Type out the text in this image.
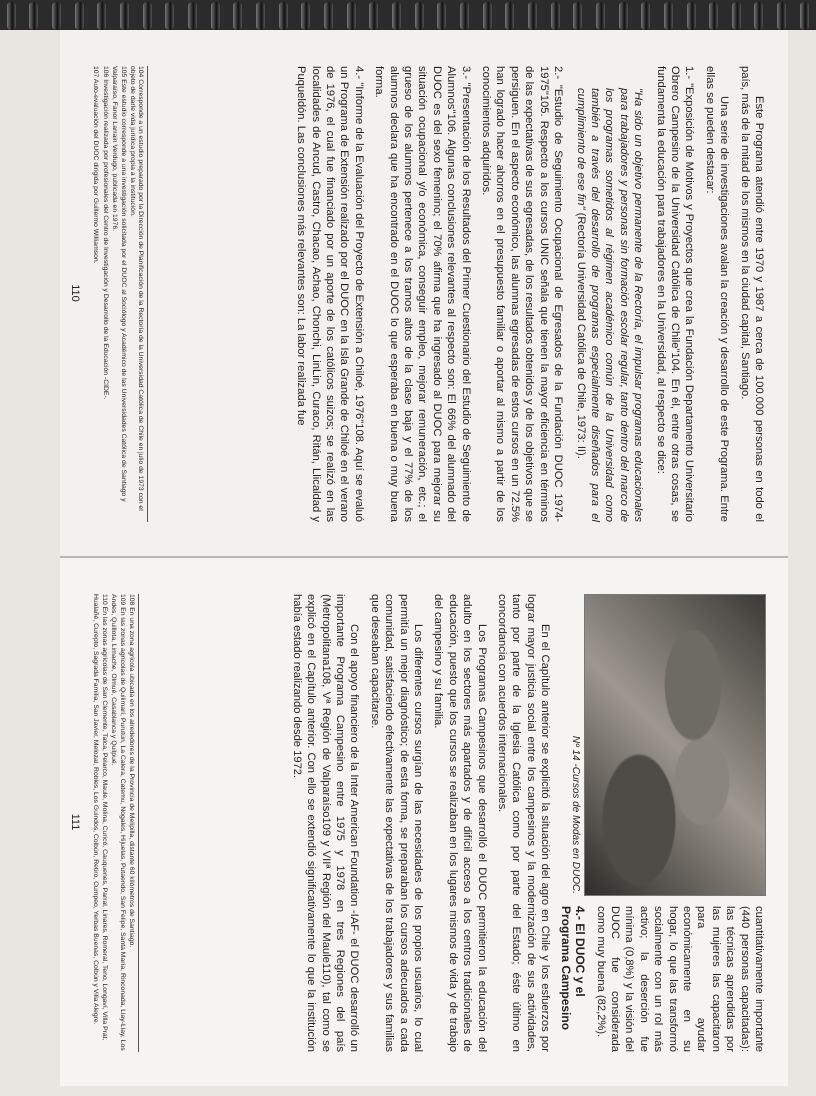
Este Programa atendió entre 1970 y 1987 a cerca de 100.000 personas en todo el país, más de la mitad de los mismos en la ciudad capital, Santiago.

Una serie de investigaciones avalan la creación y desarrollo de este Programa. Entre ellas se pueden destacar:

1.- "Exposición de Motivos y Proyectos que crea la Fundación Departamento Universitario Obrero Campesino de la Universidad Católica de Chile"104. En él, entre otras cosas, se fundamenta la educación para trabajadores en la Universidad, al respecto se dice:

"Ha sido un objetivo permanente de la Rectoría, el impulsar programas educacionales para trabajadores y personas sin formación escolar regular, tanto dentro del marco de los programas sometidos al régimen académico común de la Universidad como también a través del desarrollo de programas especialmente diseñados para el cumplimiento de ese fin" (Rectoría Universidad Católica de Chile, 1973: II).

2.- "Estudio de Seguimiento Ocupacional de Egresados de la Fundación DUOC 1974-1975"105. Respecto a los cursos UNIC señala que tienen la mayor eficiencia en términos de las expectativas de sus egresadas, de los resultados obtenidos y de los objetivos que se persiguen. En el aspecto económico, las alumnas egresadas de estos cursos en un 72.5% han logrado hacer ahorros en el presupuesto familiar o aportar al mismo a partir de los conocimientos adquiridos.

3.- "Presentación de los Resultados del Primer Cuestionario del Estudio de Seguimiento de Alumnos"106. Algunas conclusiones relevantes al respecto son: El 66% del alumnado del DUOC es del sexo femenino; el 70% afirma que ha ingresado al DUOC para mejorar su situación ocupacional y/o económica, conseguir empleo, mejorar remuneración, etc.; el grueso de los alumnos pertenece a los tramos altos de la clase baja y el 77% de los alumnos declara que ha encontrado en el DUOC lo que esperaba en buena o muy buena forma.

4.- "Informe de la Evaluación del Proyecto de Extensión a Chiloé, 1976"108. Aquí se evaluó un Programa de Extensión realizado por el DUOC en la Isla Grande de Chiloé en el verano de 1976, el cual fue financiado por un aporte de los católicos suizos; se realizó en las localidades de Ancud, Castro, Chacao, Achao, Chonchi, LinLin, Curaco, Ritán, Llicaldad y Puqueldón. Las conclusiones más relevantes son: La labor realizada fue

104 Corresponde a un estudio preparado por la Dirección de Planificación de la Rectoría de la Universidad Católica de Chile en julio de 1973 con el objeto de darle vida jurídica propia a la institución.
105 Este estudio corresponde a una investigación solicitada por el DUOC al Sociólogo y Académico de las Universidades Católica de Santiago y Valparaíso, Fanor Larrain Verdugo, publicada en 1976.
106 Investigación realizada por profesionales del Centro de Investigación y Desarrollo de la Educación -CIDE-.
107 Auto-evaluación del DUOC dirigida por Guillermo Williamson.
110
Nº 14 -Cursos de Modas en DUOC.

cuantitativamente importante (440 personas capacitadas): las técnicas aprendidas por las mujeres las capacitaron para ayudar económicamente en su hogar, lo que las transformó socialmente con un rol más activo; la deserción fue mínima (0,8%) y la visión del DUOC fue considerada como muy buena (82,2%).

4.- El DUOC y el Programa Campesino

En el Capítulo anterior se explicitó la situación del agro en Chile y los esfuerzos por lograr mayor justicia social entre los campesinos y la modernización de sus actividades, tanto por parte de la Iglesia Católica como por parte del Estado; éste último en concordancia con acuerdos internacionales.

Los Programas Campesinos que desarrolló el DUOC permitieron la educación del adulto en los sectores más apartados y de difícil acceso a los centros tradicionales de educación, puesto que los cursos se realizaban en los lugares mismos de vida y de trabajo del campesino y su familia.

Los diferentes cursos surgían de las necesidades de los propios usuarios, lo cual permitía un mejor diagnóstico; de esta forma, se preparaban los cursos adecuados a cada comunidad, satisfaciendo efectivamente las expectativas de los trabajadores y sus familias que deseaban capacitarse.

Con el apoyo financiero de la Inter American Foundation -IAF- el DUOC desarrolló un importante Programa Campesino entre 1975 y 1978 en tres Regiones del país (Metropolitana108, Vª Región de Valparaíso109 y VIIª Región del Maule110), tal como se explicó en el Capítulo anterior. Con ello se extendió significativamente lo que la institución había estado realizando desde 1972.

108 En una zona agrícola ubicada en los alrededores de la Provincia de Melipilla, distante 60 kilómetros de Santiago.
109 En las zonas agrícolas de Quilimarí, Purutún, La Calera, Catemu, Nogales, Hijuelas, Putaendo, San Felipe, Santa María, Rinconada, Llay-Llay, Los Andes, Quillota, Limache, Olmué, Casablanca y Quilpué.
110 En las zonas agrícolas de San Clemente, Talca, Pelarco, Maule, Molina, Curicó, Cauquenes, Parral, Linares, Romeral, Teno, Longaví, Villa Prat, Hualañé, Curepto, Sagrada Familia, San Javier, Melozal, Robles, Los Guindos, Colbún, Retiro, Cumpeo, Yerbas Buenas, Colbún y Villa Alegre.
111
